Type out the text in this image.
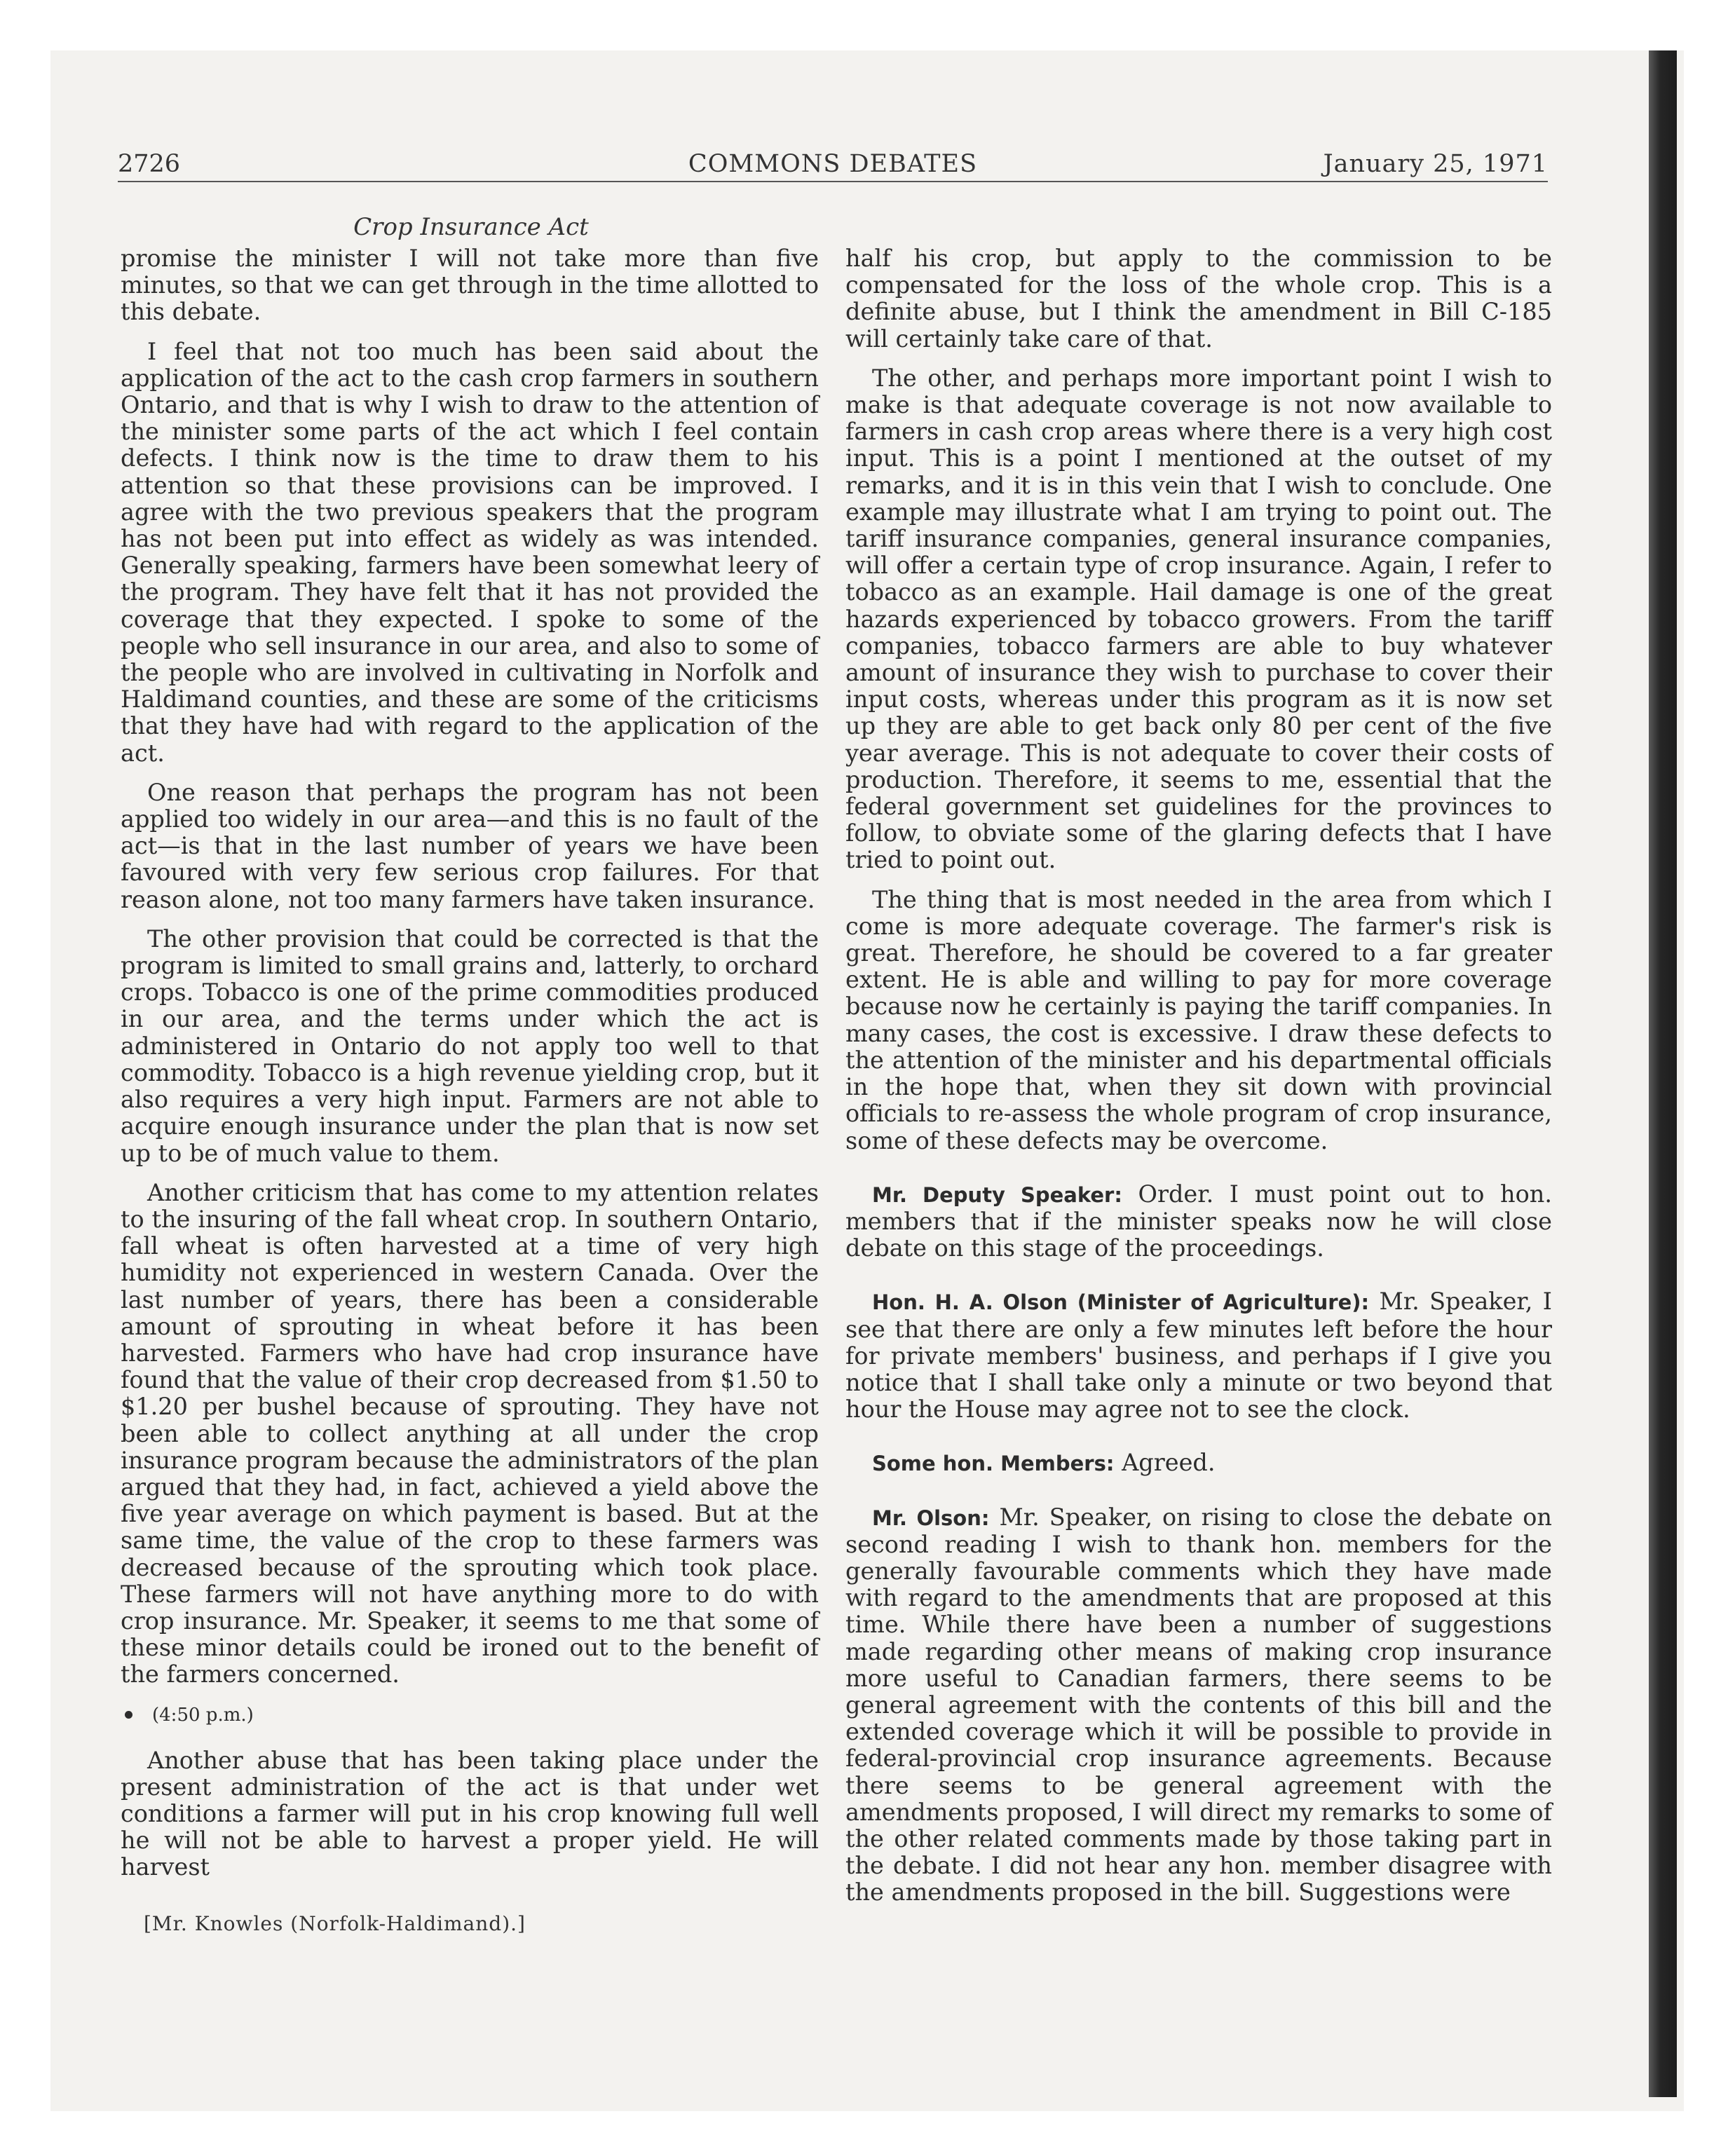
2726	COMMONS DEBATES	January 25, 1971
Crop Insurance Act

promise the minister I will not take more than five minutes, so that we can get through in the time allotted to this debate.

I feel that not too much has been said about the application of the act to the cash crop farmers in southern Ontario, and that is why I wish to draw to the attention of the minister some parts of the act which I feel contain defects. I think now is the time to draw them to his attention so that these provisions can be improved. I agree with the two previous speakers that the program has not been put into effect as widely as was intended. Generally speaking, farmers have been somewhat leery of the program. They have felt that it has not provided the coverage that they expected. I spoke to some of the people who sell insurance in our area, and also to some of the people who are involved in cultivating in Norfolk and Haldimand counties, and these are some of the criticisms that they have had with regard to the application of the act.

One reason that perhaps the program has not been applied too widely in our area—and this is no fault of the act—is that in the last number of years we have been favoured with very few serious crop failures. For that reason alone, not too many farmers have taken insurance.

The other provision that could be corrected is that the program is limited to small grains and, latterly, to orchard crops. Tobacco is one of the prime commodities produced in our area, and the terms under which the act is administered in Ontario do not apply too well to that commodity. Tobacco is a high revenue yielding crop, but it also requires a very high input. Farmers are not able to acquire enough insurance under the plan that is now set up to be of much value to them.

Another criticism that has come to my attention relates to the insuring of the fall wheat crop. In southern Ontario, fall wheat is often harvested at a time of very high humidity not experienced in western Canada. Over the last number of years, there has been a considerable amount of sprouting in wheat before it has been harvested. Farmers who have had crop insurance have found that the value of their crop decreased from $1.50 to $1.20 per bushel because of sprouting. They have not been able to collect anything at all under the crop insurance program because the administrators of the plan argued that they had, in fact, achieved a yield above the five year average on which payment is based. But at the same time, the value of the crop to these farmers was decreased because of the sprouting which took place. These farmers will not have anything more to do with crop insurance. Mr. Speaker, it seems to me that some of these minor details could be ironed out to the benefit of the farmers concerned.

(4:50 p.m.)

Another abuse that has been taking place under the present administration of the act is that under wet conditions a farmer will put in his crop knowing full well he will not be able to harvest a proper yield. He will harvest

[Mr. Knowles (Norfolk-Haldimand).]

half his crop, but apply to the commission to be compensated for the loss of the whole crop. This is a definite abuse, but I think the amendment in Bill C-185 will certainly take care of that.

The other, and perhaps more important point I wish to make is that adequate coverage is not now available to farmers in cash crop areas where there is a very high cost input. This is a point I mentioned at the outset of my remarks, and it is in this vein that I wish to conclude. One example may illustrate what I am trying to point out. The tariff insurance companies, general insurance companies, will offer a certain type of crop insurance. Again, I refer to tobacco as an example. Hail damage is one of the great hazards experienced by tobacco growers. From the tariff companies, tobacco farmers are able to buy whatever amount of insurance they wish to purchase to cover their input costs, whereas under this program as it is now set up they are able to get back only 80 per cent of the five year average. This is not adequate to cover their costs of production. Therefore, it seems to me, essential that the federal government set guidelines for the provinces to follow, to obviate some of the glaring defects that I have tried to point out.

The thing that is most needed in the area from which I come is more adequate coverage. The farmer's risk is great. Therefore, he should be covered to a far greater extent. He is able and willing to pay for more coverage because now he certainly is paying the tariff companies. In many cases, the cost is excessive. I draw these defects to the attention of the minister and his departmental officials in the hope that, when they sit down with provincial officials to re-assess the whole program of crop insurance, some of these defects may be overcome.

Mr. Deputy Speaker: Order. I must point out to hon. members that if the minister speaks now he will close debate on this stage of the proceedings.

Hon. H. A. Olson (Minister of Agriculture): Mr. Speaker, I see that there are only a few minutes left before the hour for private members' business, and perhaps if I give you notice that I shall take only a minute or two beyond that hour the House may agree not to see the clock.

Some hon. Members: Agreed.

Mr. Olson: Mr. Speaker, on rising to close the debate on second reading I wish to thank hon. members for the generally favourable comments which they have made with regard to the amendments that are proposed at this time. While there have been a number of suggestions made regarding other means of making crop insurance more useful to Canadian farmers, there seems to be general agreement with the contents of this bill and the extended coverage which it will be possible to provide in federal-provincial crop insurance agreements. Because there seems to be general agreement with the amendments proposed, I will direct my remarks to some of the other related comments made by those taking part in the debate. I did not hear any hon. member disagree with the amendments proposed in the bill. Suggestions were
